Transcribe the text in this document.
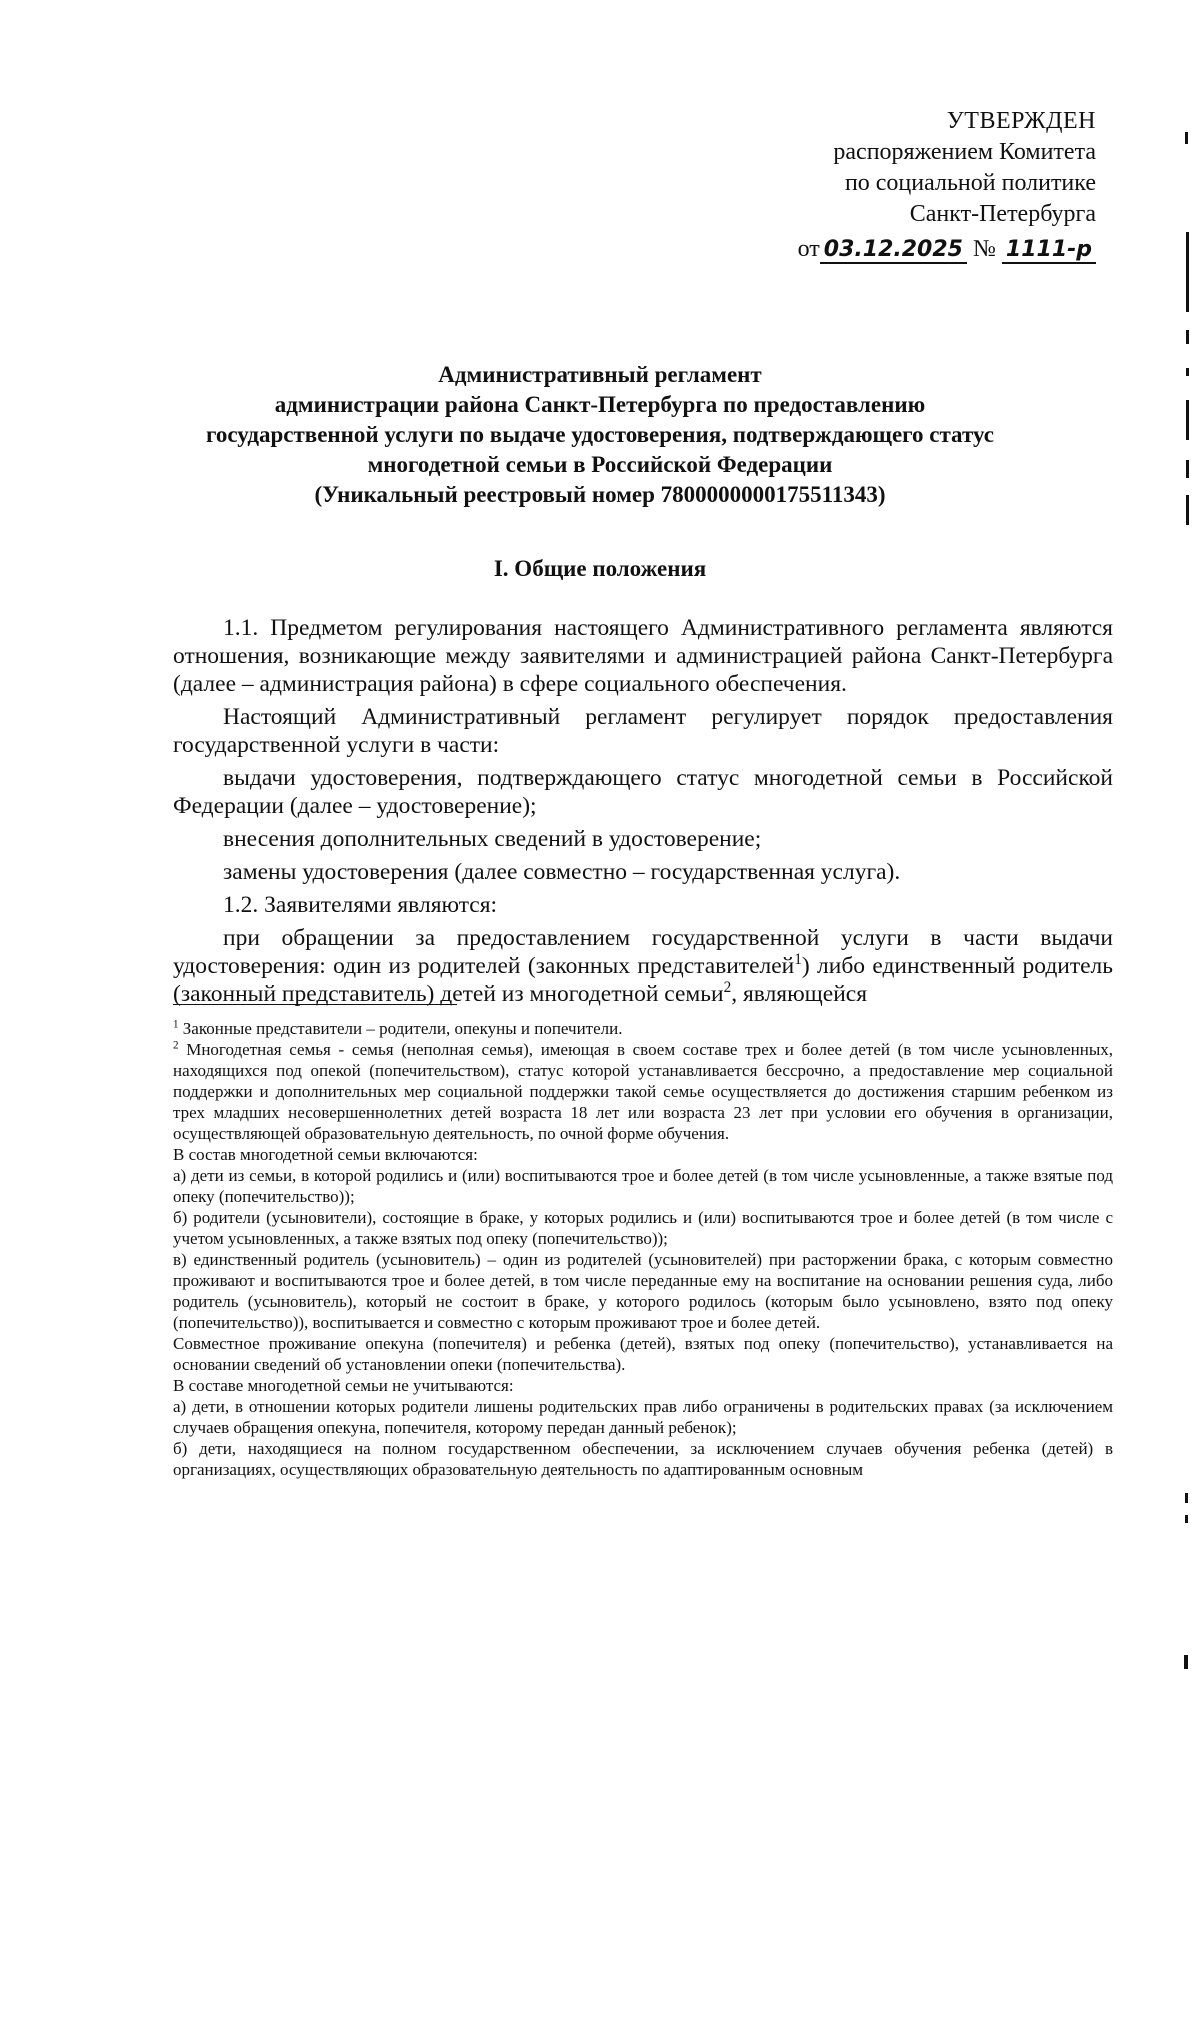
УТВЕРЖДЕН
распоряжением Комитета
по социальной политике
Санкт-Петербурга
от 03.12.2025 № 1111-р
Административный регламент
администрации района Санкт-Петербурга по предоставлению
государственной услуги по выдаче удостоверения, подтверждающего статус
многодетной семьи в Российской Федерации
(Уникальный реестровый номер 7800000000175511343)
I. Общие положения

1.1. Предметом регулирования настоящего Административного регламента являются отношения, возникающие между заявителями и администрацией района Санкт-Петербурга (далее – администрация района) в сфере социального обеспечения.

Настоящий Административный регламент регулирует порядок предоставления государственной услуги в части:

выдачи удостоверения, подтверждающего статус многодетной семьи в Российской Федерации (далее – удостоверение);

внесения дополнительных сведений в удостоверение;

замены удостоверения (далее совместно – государственная услуга).

1.2. Заявителями являются:

при обращении за предоставлением государственной услуги в части выдачи удостоверения: один из родителей (законных представителей$^1$) либо единственный родитель (законный представитель) детей из многодетной семьи$^2$, являющейся

$^1$ Законные представители – родители, опекуны и попечители.

$^2$ Многодетная семья - семья (неполная семья), имеющая в своем составе трех и более детей (в том числе усыновленных, находящихся под опекой (попечительством), статус которой устанавливается бессрочно, а предоставление мер социальной поддержки и дополнительных мер социальной поддержки такой семье осуществляется до достижения старшим ребенком из трех младших несовершеннолетних детей возраста 18 лет или возраста 23 лет при условии его обучения в организации, осуществляющей образовательную деятельность, по очной форме обучения.

В состав многодетной семьи включаются:

а) дети из семьи, в которой родились и (или) воспитываются трое и более детей (в том числе усыновленные, а также взятые под опеку (попечительство));

б) родители (усыновители), состоящие в браке, у которых родились и (или) воспитываются трое и более детей (в том числе с учетом усыновленных, а также взятых под опеку (попечительство));

в) единственный родитель (усыновитель) – один из родителей (усыновителей) при расторжении брака, с которым совместно проживают и воспитываются трое и более детей, в том числе переданные ему на воспитание на основании решения суда, либо родитель (усыновитель), который не состоит в браке, у которого родилось (которым было усыновлено, взято под опеку (попечительство)), воспитывается и совместно с которым проживают трое и более детей.

Совместное проживание опекуна (попечителя) и ребенка (детей), взятых под опеку (попечительство), устанавливается на основании сведений об установлении опеки (попечительства).

В составе многодетной семьи не учитываются:

а) дети, в отношении которых родители лишены родительских прав либо ограничены в родительских правах (за исключением случаев обращения опекуна, попечителя, которому передан данный ребенок);

б) дети, находящиеся на полном государственном обеспечении, за исключением случаев обучения ребенка (детей) в организациях, осуществляющих образовательную деятельность по адаптированным основным
